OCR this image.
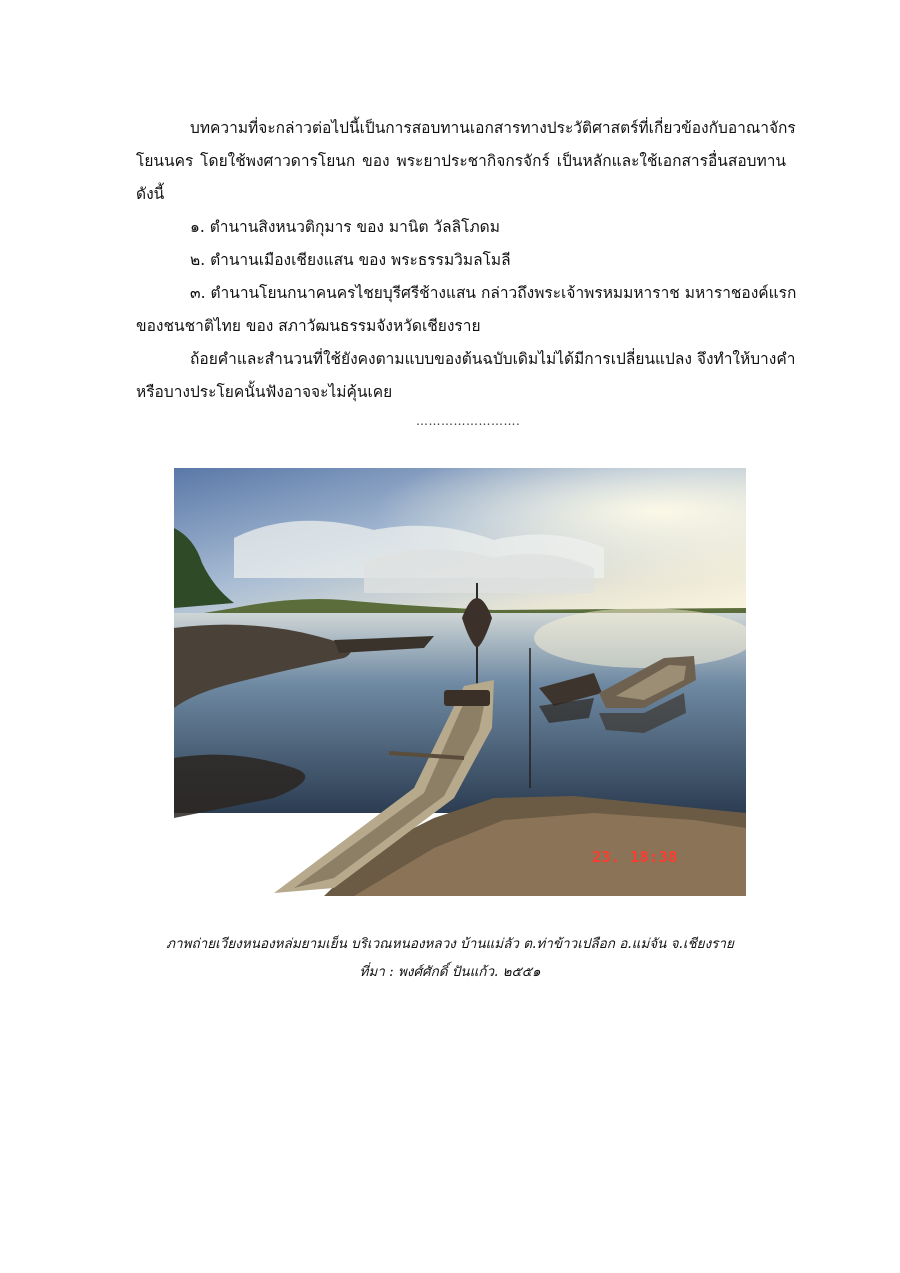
บทความที่จะกล่าวต่อไปนี้เป็นการสอบทานเอกสารทางประวัติศาสตร์ที่เกี่ยวข้องกับอาณาจักร
โยนนคร โดยใช้พงศาวดารโยนก ของ พระยาประชากิจกรจักร์ เป็นหลักและใช้เอกสารอื่นสอบทาน
ดังนี้
๑. ตำนานสิงหนวติกุมาร ของ มานิต วัลลิโภดม
๒. ตำนานเมืองเชียงแสน ของ พระธรรมวิมลโมลี
๓. ตำนานโยนกนาคนครไชยบุรีศรีช้างแสน กล่าวถึงพระเจ้าพรหมมหาราช มหาราชองค์แรก
ของชนชาติไทย ของ สภาวัฒนธรรมจังหวัดเชียงราย
ถ้อยคำและสำนวนที่ใช้ยังคงตามแบบของต้นฉบับเดิมไม่ได้มีการเปลี่ยนแปลง จึงทำให้บางคำ
หรือบางประโยคนั้นฟังอาจจะไม่คุ้นเคย
…………………….
23. 18:38
ภาพถ่ายเวียงหนองหล่มยามเย็น บริเวณหนองหลวง บ้านแม่ลัว ต.ท่าข้าวเปลือก อ.แม่จัน จ.เชียงราย
ที่มา : พงศ์ศักดิ์ ปันแก้ว. ๒๕๕๑
